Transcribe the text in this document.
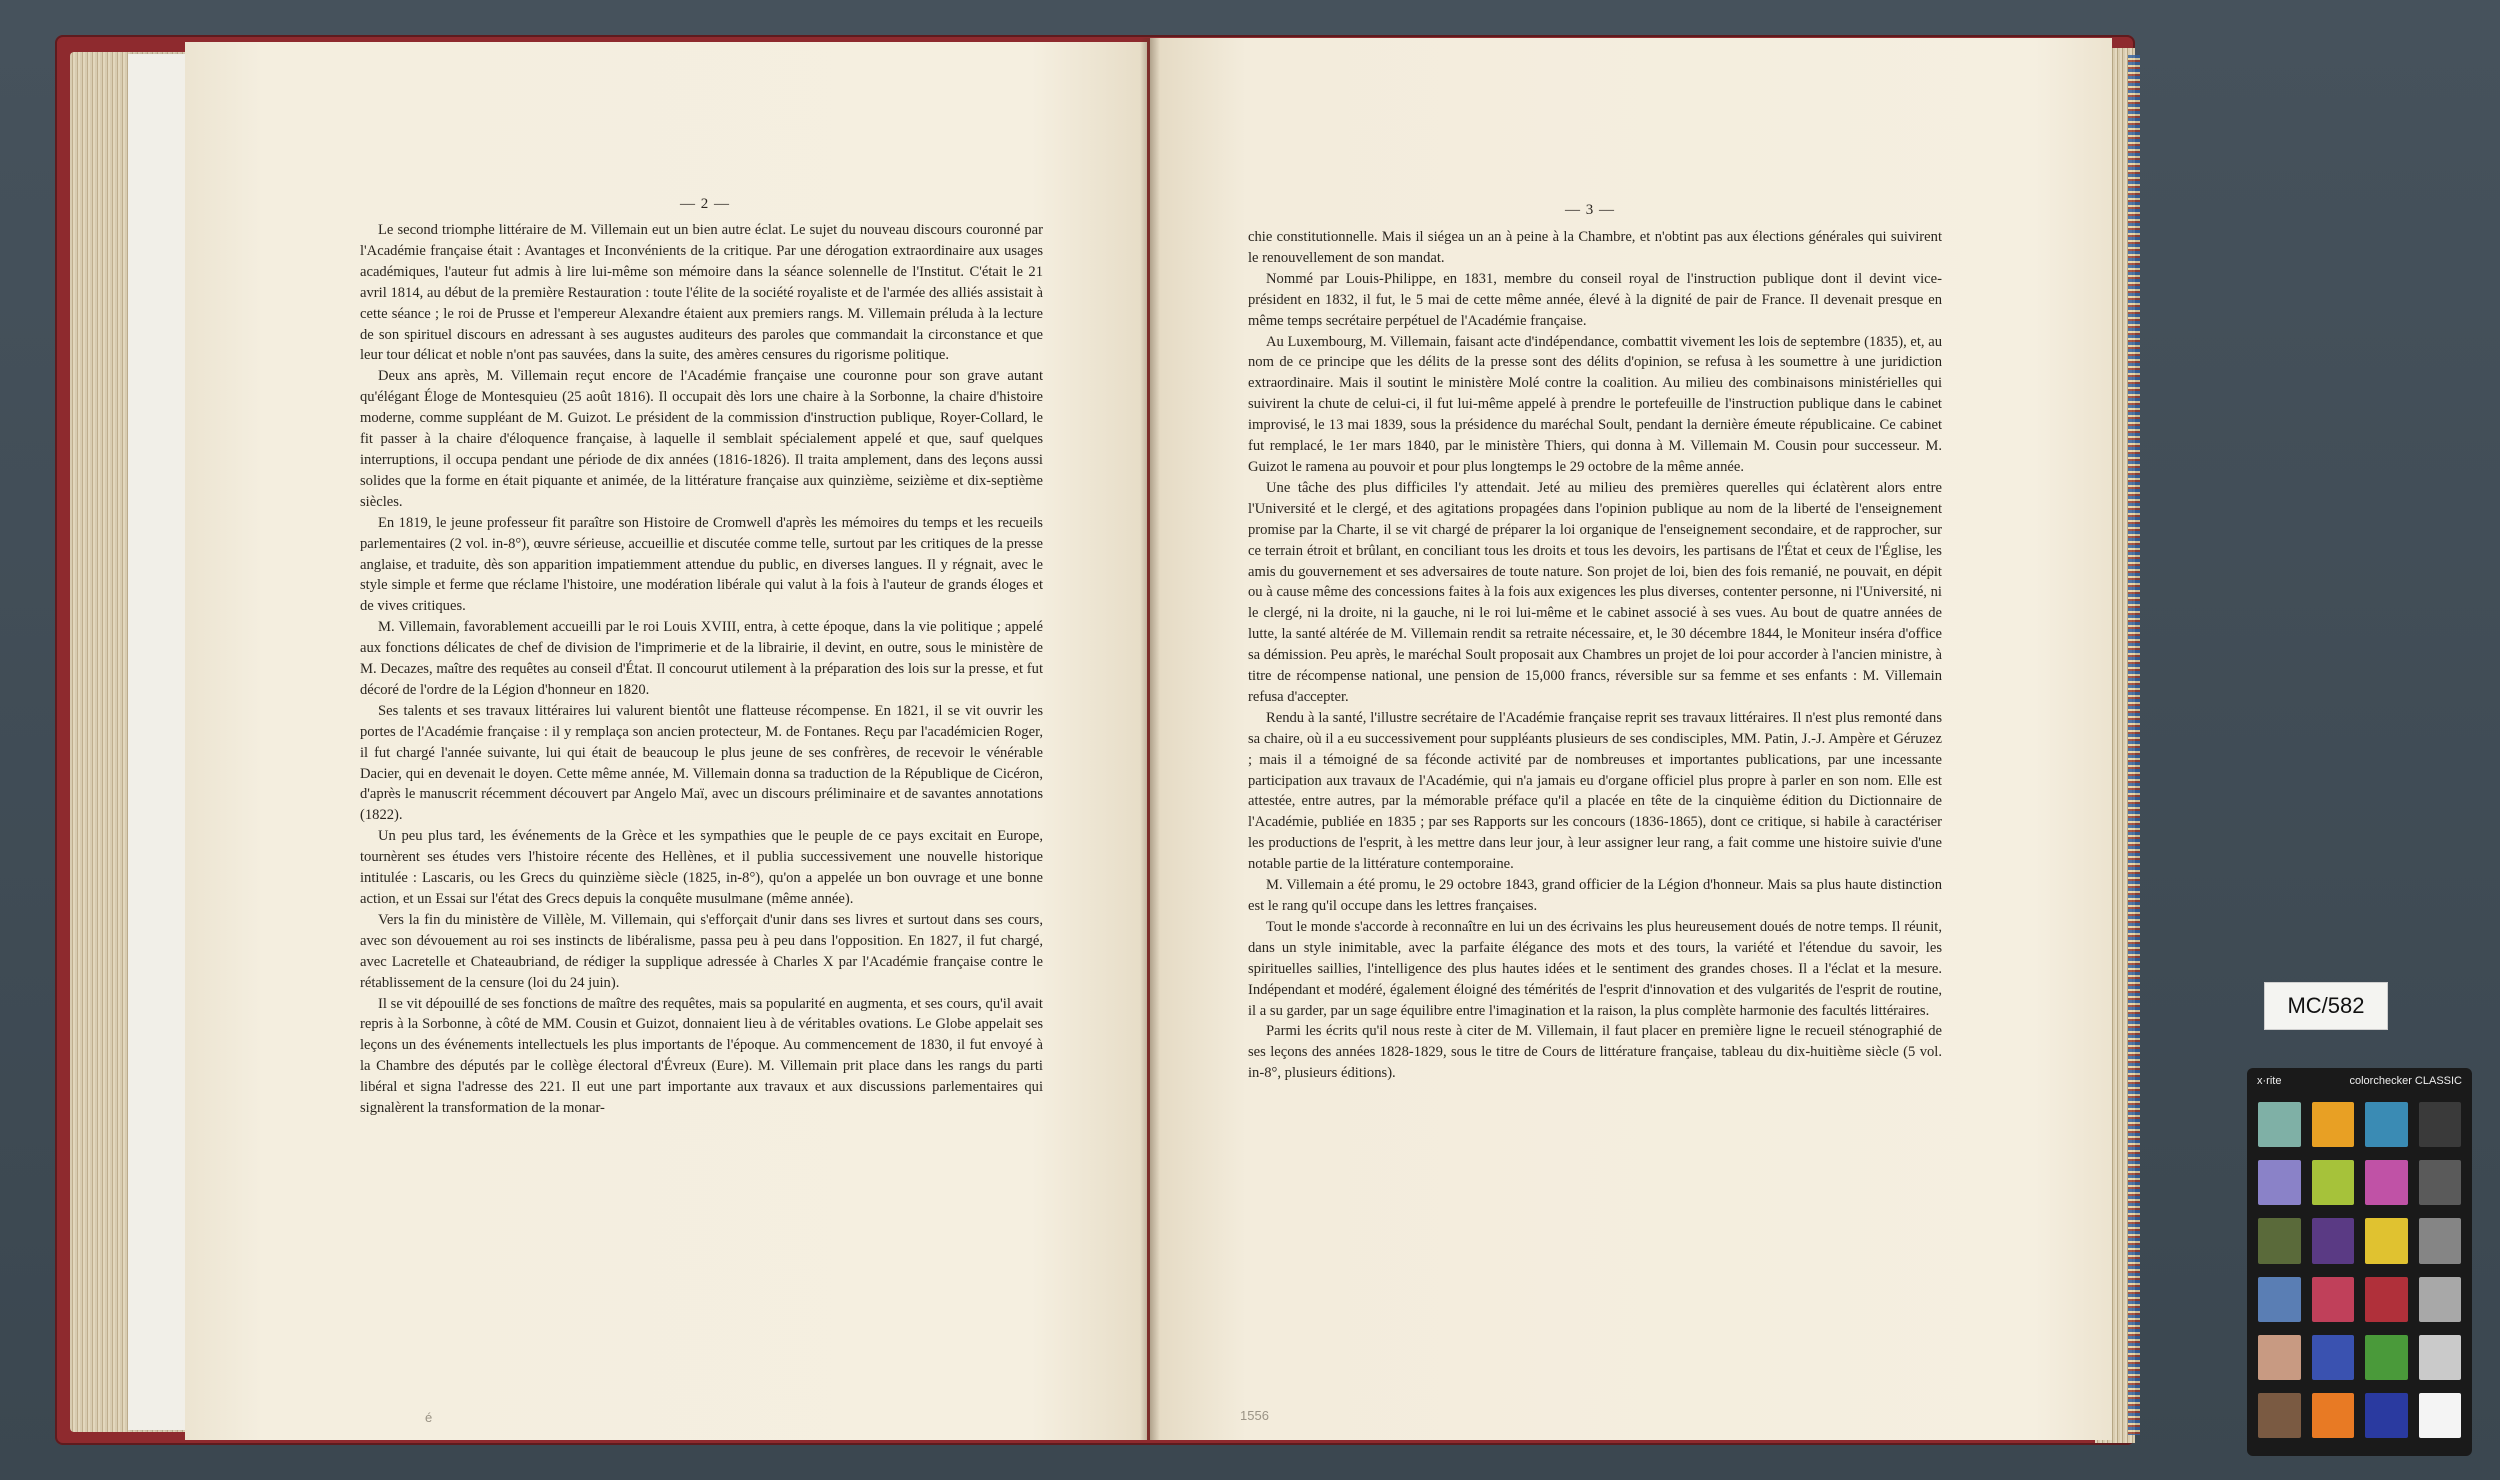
— 2 —	— 3 —

Le second triomphe littéraire de M. Villemain eut un bien autre éclat. Le sujet du nouveau discours couronné par l'Académie française était : Avantages et Inconvénients de la critique. Par une dérogation extraordinaire aux usages académiques, l'auteur fut admis à lire lui-même son mémoire dans la séance solennelle de l'Institut. C'était le 21 avril 1814, au début de la première Restauration : toute l'élite de la société royaliste et de l'armée des alliés assistait à cette séance ; le roi de Prusse et l'empereur Alexandre étaient aux premiers rangs. M. Villemain préluda à la lecture de son spirituel discours en adressant à ses augustes auditeurs des paroles que commandait la circonstance et que leur tour délicat et noble n'ont pas sauvées, dans la suite, des amères censures du rigorisme politique.

Deux ans après, M. Villemain reçut encore de l'Académie française une couronne pour son grave autant qu'élégant Éloge de Montesquieu (25 août 1816). Il occupait dès lors une chaire à la Sorbonne, la chaire d'histoire moderne, comme suppléant de M. Guizot. Le président de la commission d'instruction publique, Royer-Collard, le fit passer à la chaire d'éloquence française, à laquelle il semblait spécialement appelé et que, sauf quelques interruptions, il occupa pendant une période de dix années (1816-1826). Il traita amplement, dans des leçons aussi solides que la forme en était piquante et animée, de la littérature française aux quinzième, seizième et dix-septième siècles.

En 1819, le jeune professeur fit paraître son Histoire de Cromwell d'après les mémoires du temps et les recueils parlementaires (2 vol. in-8°), œuvre sérieuse, accueillie et discutée comme telle, surtout par les critiques de la presse anglaise, et traduite, dès son apparition impatiemment attendue du public, en diverses langues. Il y régnait, avec le style simple et ferme que réclame l'histoire, une modération libérale qui valut à la fois à l'auteur de grands éloges et de vives critiques.

M. Villemain, favorablement accueilli par le roi Louis XVIII, entra, à cette époque, dans la vie politique ; appelé aux fonctions délicates de chef de division de l'imprimerie et de la librairie, il devint, en outre, sous le ministère de M. Decazes, maître des requêtes au conseil d'État. Il concourut utilement à la préparation des lois sur la presse, et fut décoré de l'ordre de la Légion d'honneur en 1820.

Ses talents et ses travaux littéraires lui valurent bientôt une flatteuse récompense. En 1821, il se vit ouvrir les portes de l'Académie française : il y remplaça son ancien protecteur, M. de Fontanes. Reçu par l'académicien Roger, il fut chargé l'année suivante, lui qui était de beaucoup le plus jeune de ses confrères, de recevoir le vénérable Dacier, qui en devenait le doyen. Cette même année, M. Villemain donna sa traduction de la République de Cicéron, d'après le manuscrit récemment découvert par Angelo Maï, avec un discours préliminaire et de savantes annotations (1822).

Un peu plus tard, les événements de la Grèce et les sympathies que le peuple de ce pays excitait en Europe, tournèrent ses études vers l'histoire récente des Hellènes, et il publia successivement une nouvelle historique intitulée : Lascaris, ou les Grecs du quinzième siècle (1825, in-8°), qu'on a appelée un bon ouvrage et une bonne action, et un Essai sur l'état des Grecs depuis la conquête musulmane (même année).

Vers la fin du ministère de Villèle, M. Villemain, qui s'efforçait d'unir dans ses livres et surtout dans ses cours, avec son dévouement au roi ses instincts de libéralisme, passa peu à peu dans l'opposition. En 1827, il fut chargé, avec Lacretelle et Chateaubriand, de rédiger la supplique adressée à Charles X par l'Académie française contre le rétablissement de la censure (loi du 24 juin).

Il se vit dépouillé de ses fonctions de maître des requêtes, mais sa popularité en augmenta, et ses cours, qu'il avait repris à la Sorbonne, à côté de MM. Cousin et Guizot, donnaient lieu à de véritables ovations. Le Globe appelait ses leçons un des événements intellectuels les plus importants de l'époque. Au commencement de 1830, il fut envoyé à la Chambre des députés par le collège électoral d'Évreux (Eure). M. Villemain prit place dans les rangs du parti libéral et signa l'adresse des 221. Il eut une part importante aux travaux et aux discussions parlementaires qui signalèrent la transformation de la monar-

chie constitutionnelle. Mais il siégea un an à peine à la Chambre, et n'obtint pas aux élections générales qui suivirent le renouvellement de son mandat.

Nommé par Louis-Philippe, en 1831, membre du conseil royal de l'instruction publique dont il devint vice-président en 1832, il fut, le 5 mai de cette même année, élevé à la dignité de pair de France. Il devenait presque en même temps secrétaire perpétuel de l'Académie française.

Au Luxembourg, M. Villemain, faisant acte d'indépendance, combattit vivement les lois de septembre (1835), et, au nom de ce principe que les délits de la presse sont des délits d'opinion, se refusa à les soumettre à une juridiction extraordinaire. Mais il soutint le ministère Molé contre la coalition. Au milieu des combinaisons ministérielles qui suivirent la chute de celui-ci, il fut lui-même appelé à prendre le portefeuille de l'instruction publique dans le cabinet improvisé, le 13 mai 1839, sous la présidence du maréchal Soult, pendant la dernière émeute républicaine. Ce cabinet fut remplacé, le 1er mars 1840, par le ministère Thiers, qui donna à M. Villemain M. Cousin pour successeur. M. Guizot le ramena au pouvoir et pour plus longtemps le 29 octobre de la même année.

Une tâche des plus difficiles l'y attendait. Jeté au milieu des premières querelles qui éclatèrent alors entre l'Université et le clergé, et des agitations propagées dans l'opinion publique au nom de la liberté de l'enseignement promise par la Charte, il se vit chargé de préparer la loi organique de l'enseignement secondaire, et de rapprocher, sur ce terrain étroit et brûlant, en conciliant tous les droits et tous les devoirs, les partisans de l'État et ceux de l'Église, les amis du gouvernement et ses adversaires de toute nature. Son projet de loi, bien des fois remanié, ne pouvait, en dépit ou à cause même des concessions faites à la fois aux exigences les plus diverses, contenter personne, ni l'Université, ni le clergé, ni la droite, ni la gauche, ni le roi lui-même et le cabinet associé à ses vues. Au bout de quatre années de lutte, la santé altérée de M. Villemain rendit sa retraite nécessaire, et, le 30 décembre 1844, le Moniteur inséra d'office sa démission. Peu après, le maréchal Soult proposait aux Chambres un projet de loi pour accorder à l'ancien ministre, à titre de récompense national, une pension de 15,000 francs, réversible sur sa femme et ses enfants : M. Villemain refusa d'accepter.

Rendu à la santé, l'illustre secrétaire de l'Académie française reprit ses travaux littéraires. Il n'est plus remonté dans sa chaire, où il a eu successivement pour suppléants plusieurs de ses condisciples, MM. Patin, J.-J. Ampère et Géruzez ; mais il a témoigné de sa féconde activité par de nombreuses et importantes publications, par une incessante participation aux travaux de l'Académie, qui n'a jamais eu d'organe officiel plus propre à parler en son nom. Elle est attestée, entre autres, par la mémorable préface qu'il a placée en tête de la cinquième édition du Dictionnaire de l'Académie, publiée en 1835 ; par ses Rapports sur les concours (1836-1865), dont ce critique, si habile à caractériser les productions de l'esprit, à les mettre dans leur jour, à leur assigner leur rang, a fait comme une histoire suivie d'une notable partie de la littérature contemporaine.

M. Villemain a été promu, le 29 octobre 1843, grand officier de la Légion d'honneur. Mais sa plus haute distinction est le rang qu'il occupe dans les lettres françaises.

Tout le monde s'accorde à reconnaître en lui un des écrivains les plus heureusement doués de notre temps. Il réunit, dans un style inimitable, avec la parfaite élégance des mots et des tours, la variété et l'étendue du savoir, les spirituelles saillies, l'intelligence des plus hautes idées et le sentiment des grandes choses. Il a l'éclat et la mesure. Indépendant et modéré, également éloigné des témérités de l'esprit d'innovation et des vulgarités de l'esprit de routine, il a su garder, par un sage équilibre entre l'imagination et la raison, la plus complète harmonie des facultés littéraires.

Parmi les écrits qu'il nous reste à citer de M. Villemain, il faut placer en première ligne le recueil sténographié de ses leçons des années 1828-1829, sous le titre de Cours de littérature française, tableau du dix-huitième siècle (5 vol. in-8°, plusieurs éditions).

é	1556
MC/582
x·rite	colorchecker CLASSIC
